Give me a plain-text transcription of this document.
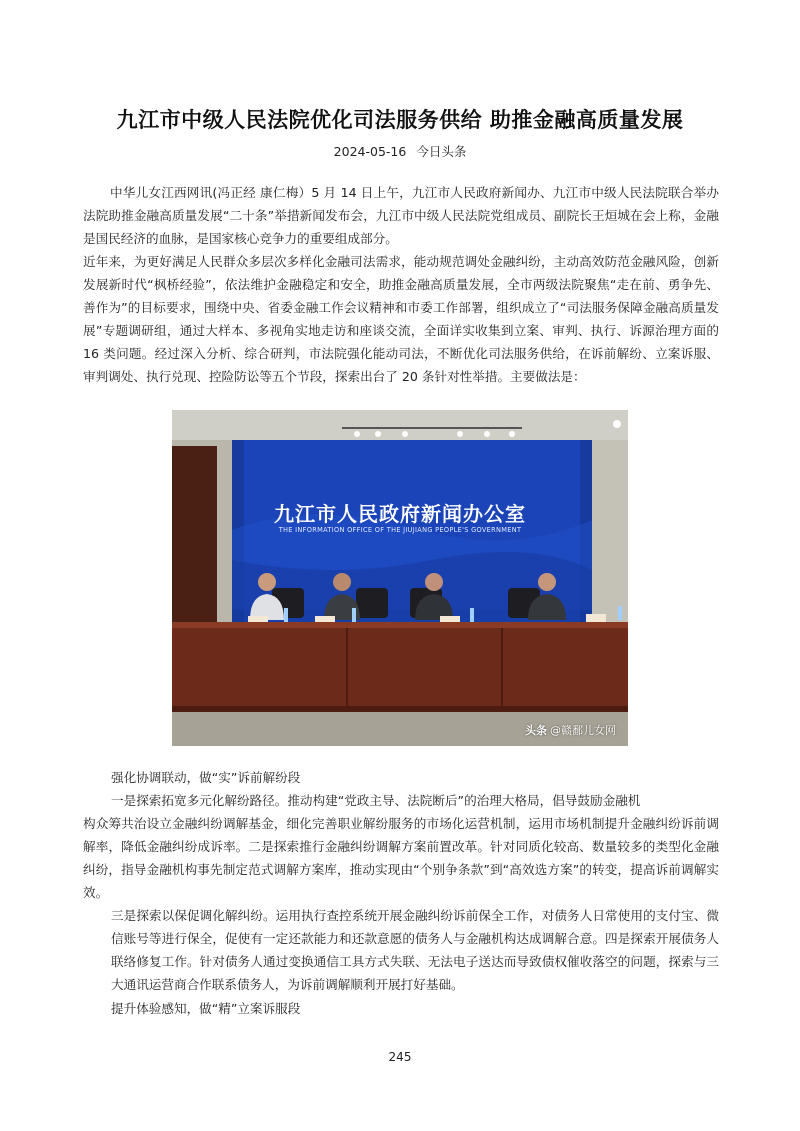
九江市中级人民法院优化司法服务供给 助推金融高质量发展
2024-05-16 今日头条

中华儿女江西网讯(冯正经 康仁梅）5 月 14 日上午，九江市人民政府新闻办、九江市中级人民法院联合举办法院助推金融高质量发展“二十条”举措新闻发布会，九江市中级人民法院党组成员、副院长王烜城在会上称，金融是国民经济的血脉，是国家核心竞争力的重要组成部分。

近年来，为更好满足人民群众多层次多样化金融司法需求，能动规范调处金融纠纷，主动高效防范金融风险，创新发展新时代“枫桥经验”，依法维护金融稳定和安全，助推金融高质量发展，全市两级法院聚焦“走在前、勇争先、善作为”的目标要求，围绕中央、省委金融工作会议精神和市委工作部署，组织成立了“司法服务保障金融高质量发展”专题调研组，通过大样本、多视角实地走访和座谈交流，全面详实收集到立案、审判、执行、诉源治理方面的 16 类问题。经过深入分析、综合研判，市法院强化能动司法，不断优化司法服务供给，在诉前解纷、立案诉服、审判调处、执行兑现、控险防讼等五个节段，探索出台了 20 条针对性举措。主要做法是：

九江市人民政府新闻办公室
THE INFORMATION OFFICE OF THE JIUJIANG PEOPLE'S GOVERNMENT
头条 @赣鄱儿女网

强化协调联动，做“实”诉前解纷段

一是探索拓宽多元化解纷路径。推动构建“党政主导、法院断后”的治理大格局，倡导鼓励金融机
构众筹共治设立金融纠纷调解基金，细化完善职业解纷服务的市场化运营机制，运用市场机制提升金融纠纷诉前调解率，降低金融纠纷成诉率。二是探索推行金融纠纷调解方案前置改革。针对同质化较高、数量较多的类型化金融纠纷，指导金融机构事先制定范式调解方案库，推动实现由“个别争条款”到“高效选方案”的转变，提高诉前调解实效。

三是探索以保促调化解纠纷。运用执行查控系统开展金融纠纷诉前保全工作，对债务人日常使用的支付宝、微信账号等进行保全，促使有一定还款能力和还款意愿的债务人与金融机构达成调解合意。四是探索开展债务人联络修复工作。针对债务人通过变换通信工具方式失联、无法电子送达而导致债权催收落空的问题，探索与三大通讯运营商合作联系债务人，为诉前调解顺利开展打好基础。

提升体验感知，做“精”立案诉服段

245
